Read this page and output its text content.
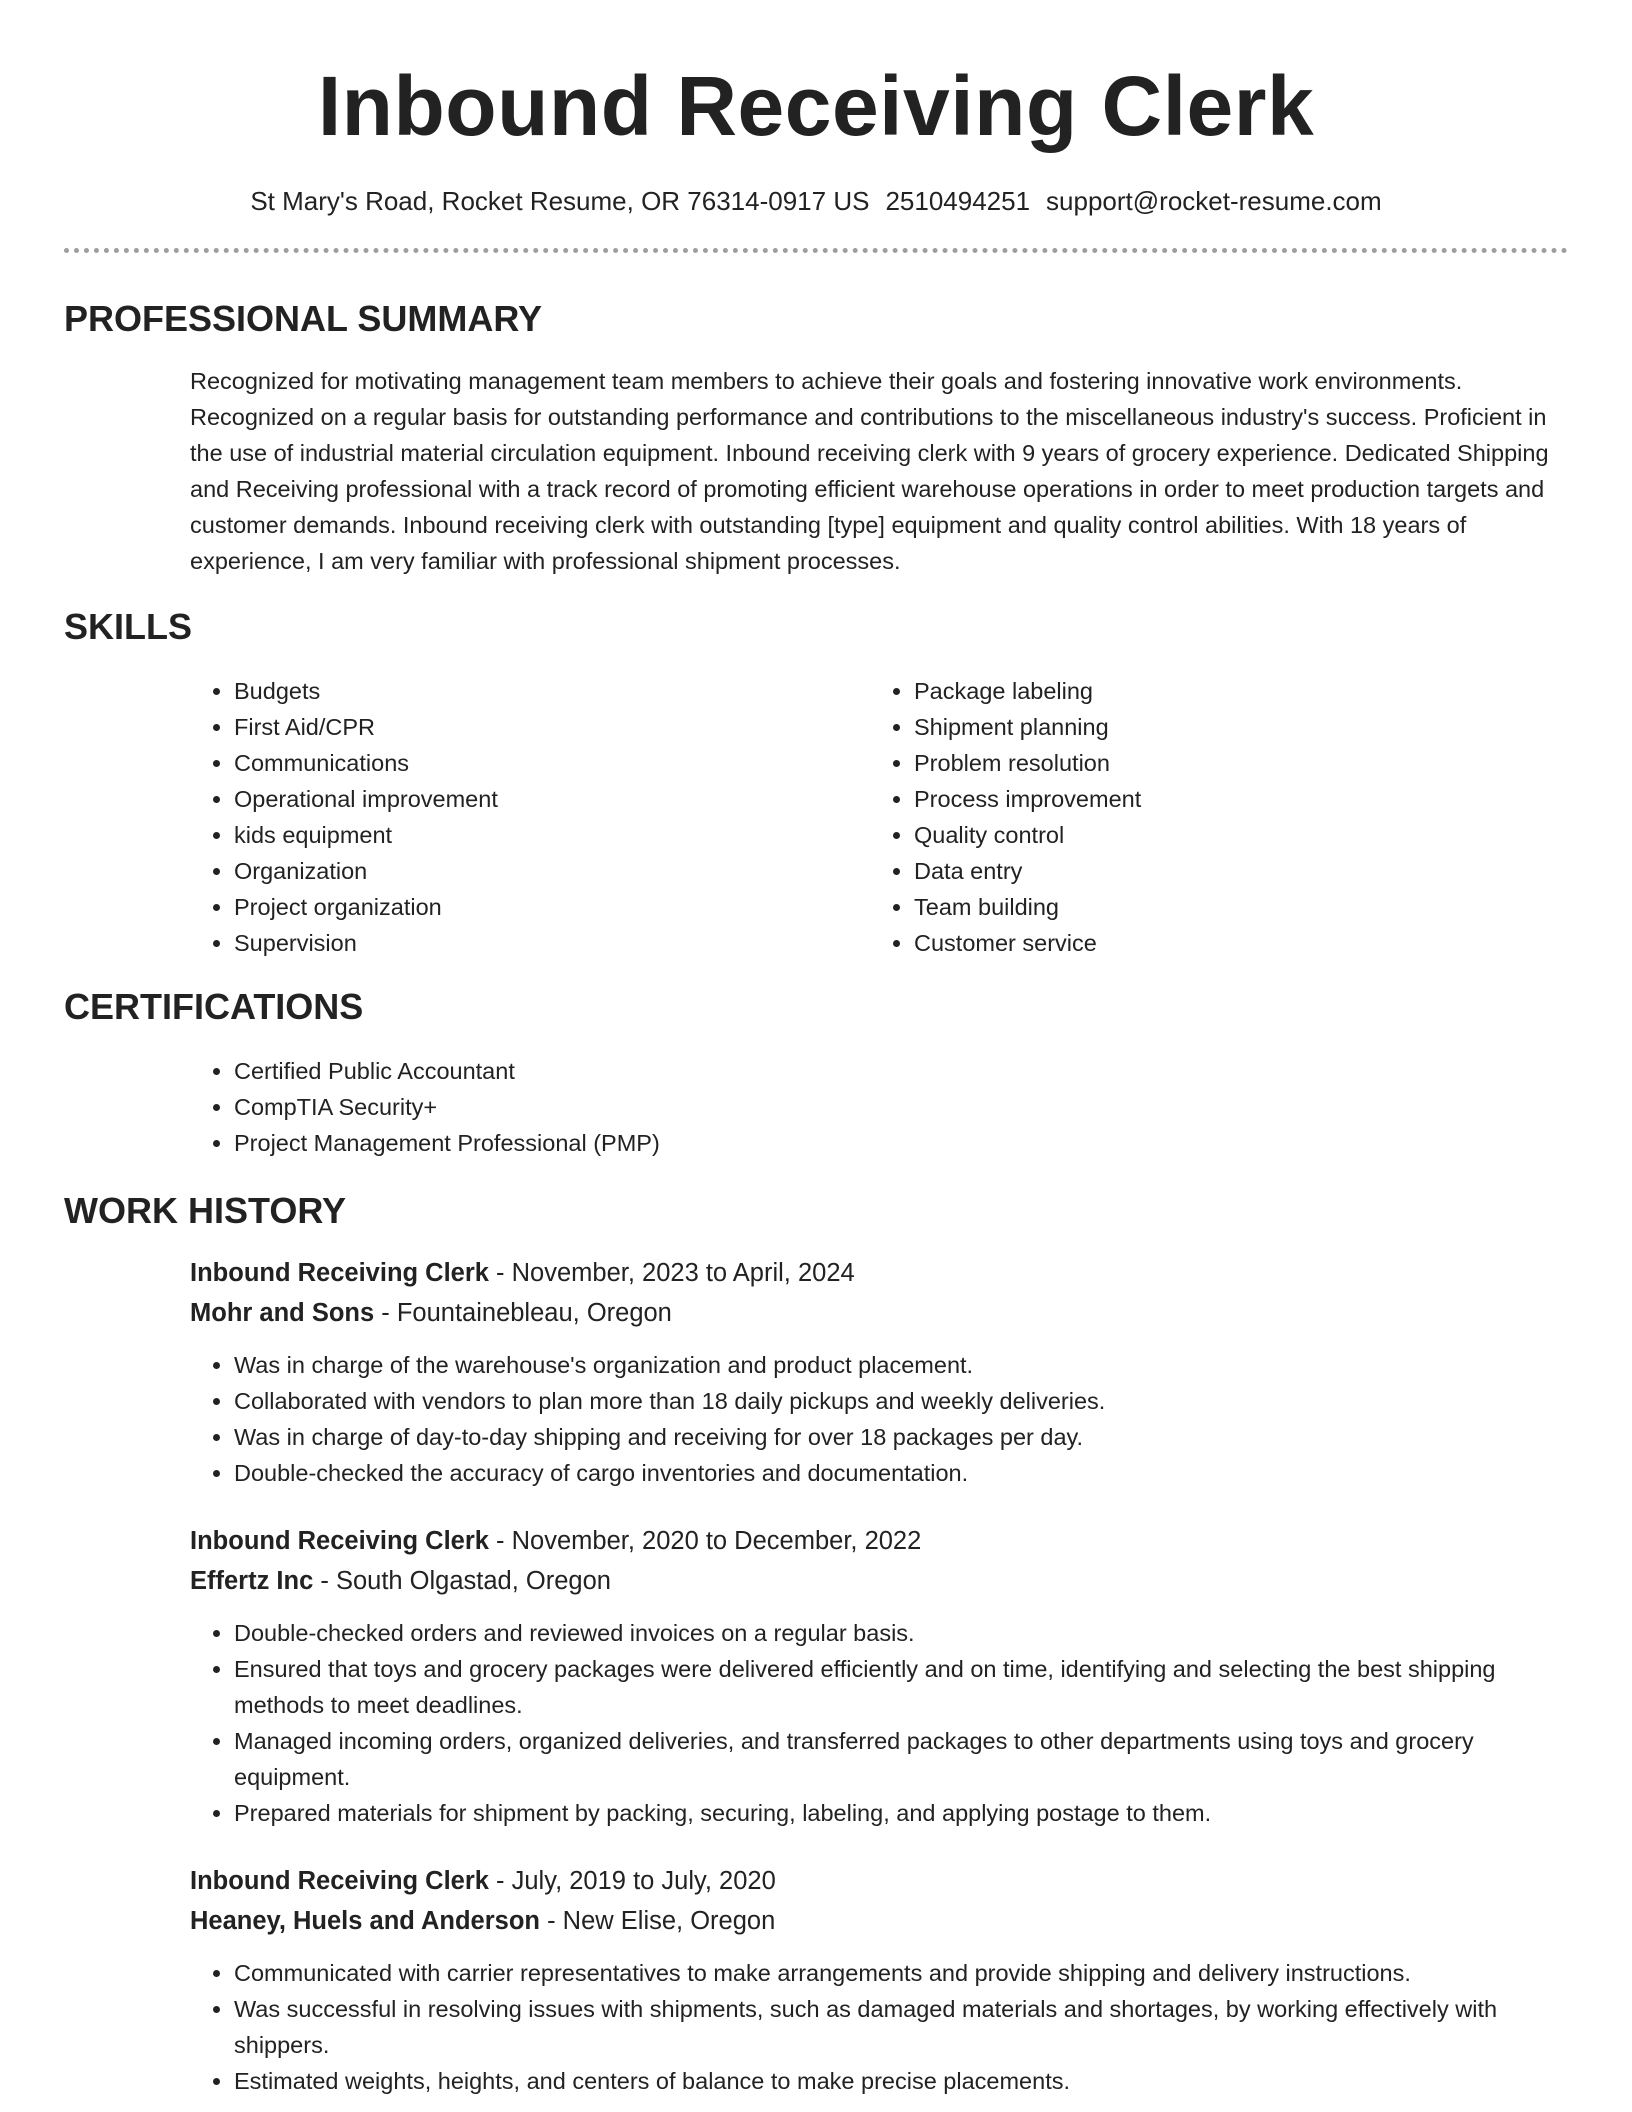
Inbound Receiving Clerk
St Mary's Road, Rocket Resume, OR 76314-0917 US 2510494251 support@rocket-resume.com
PROFESSIONAL SUMMARY
Recognized for motivating management team members to achieve their goals and fostering innovative work environments. Recognized on a regular basis for outstanding performance and contributions to the miscellaneous industry's success. Proficient in the use of industrial material circulation equipment. Inbound receiving clerk with 9 years of grocery experience. Dedicated Shipping and Receiving professional with a track record of promoting efficient warehouse operations in order to meet production targets and customer demands. Inbound receiving clerk with outstanding [type] equipment and quality control abilities. With 18 years of experience, I am very familiar with professional shipment processes.
SKILLS
• Budgets
• First Aid/CPR
• Communications
• Operational improvement
• kids equipment
• Organization
• Project organization
• Supervision
• Package labeling
• Shipment planning
• Problem resolution
• Process improvement
• Quality control
• Data entry
• Team building
• Customer service
CERTIFICATIONS
• Certified Public Accountant
• CompTIA Security+
• Project Management Professional (PMP)
WORK HISTORY
Inbound Receiving Clerk - November, 2023 to April, 2024
Mohr and Sons - Fountainebleau, Oregon
• Was in charge of the warehouse's organization and product placement.
• Collaborated with vendors to plan more than 18 daily pickups and weekly deliveries.
• Was in charge of day-to-day shipping and receiving for over 18 packages per day.
• Double-checked the accuracy of cargo inventories and documentation.
Inbound Receiving Clerk - November, 2020 to December, 2022
Effertz Inc - South Olgastad, Oregon
• Double-checked orders and reviewed invoices on a regular basis.
• Ensured that toys and grocery packages were delivered efficiently and on time, identifying and selecting the best shipping methods to meet deadlines.
• Managed incoming orders, organized deliveries, and transferred packages to other departments using toys and grocery equipment.
• Prepared materials for shipment by packing, securing, labeling, and applying postage to them.
Inbound Receiving Clerk - July, 2019 to July, 2020
Heaney, Huels and Anderson - New Elise, Oregon
• Communicated with carrier representatives to make arrangements and provide shipping and delivery instructions.
• Was successful in resolving issues with shipments, such as damaged materials and shortages, by working effectively with shippers.
• Estimated weights, heights, and centers of balance to make precise placements.
